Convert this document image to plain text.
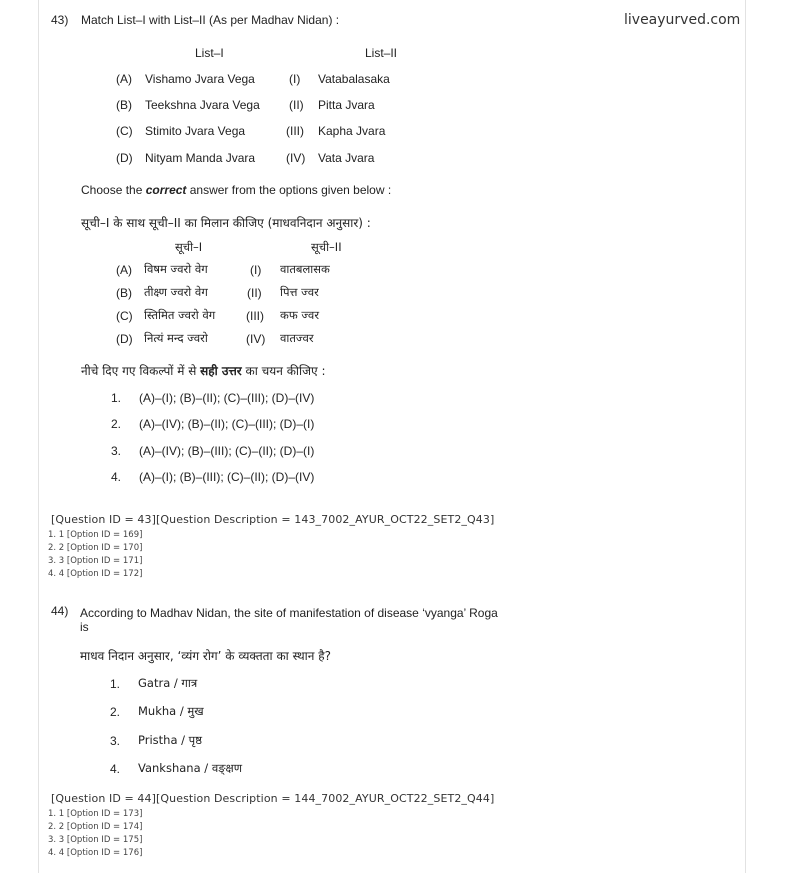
liveayurved.com
43) Match List–I with List–II (As per Madhav Nidan) :
List–I	List–II
(A) Vishamo Jvara Vega	(I) Vatabalasaka
(B) Teekshna Jvara Vega (II) Pitta Jvara
(C) Stimito Jvara Vega	(III) Kapha Jvara
(D) Nityam Manda Jvara	(IV) Vata Jvara
Choose the correct answer from the options given below :
सूची–I के साथ सूची–II का मिलान कीजिए (माधवनिदान अनुसार) :
सूची–I	सूची–II
(A) विषम ज्वरो वेग	(I) वातबलासक
(B) तीक्ष्ण ज्वरो वेग	(II) पित्त ज्वर
(C) स्तिमित ज्वरो वेग	(III) कफ ज्वर
(D) नित्यं मन्द ज्वरो	(IV) वातज्वर
नीचे दिए गए विकल्पों में से सही उत्तर का चयन कीजिए :
1. (A)–(I); (B)–(II); (C)–(III); (D)–(IV)
2. (A)–(IV); (B)–(II); (C)–(III); (D)–(I)
3. (A)–(IV); (B)–(III); (C)–(II); (D)–(I)
4. (A)–(I); (B)–(III); (C)–(II); (D)–(IV)
[Question ID = 43][Question Description = 143_7002_AYUR_OCT22_SET2_Q43]
1. 1 [Option ID = 169]
2. 2 [Option ID = 170]
3. 3 [Option ID = 171]
4. 4 [Option ID = 172]
44) According to Madhav Nidan, the site of manifestation of disease ‘vyanga’ Roga
is
माधव निदान अनुसार, ‘व्यंग रोग’ के व्यक्तता का स्थान है?
1. Gatra / गात्र
2. Mukha / मुख
3. Pristha / पृष्ठ
4. Vankshana / वङ्क्षण
[Question ID = 44][Question Description = 144_7002_AYUR_OCT22_SET2_Q44]
1. 1 [Option ID = 173]
2. 2 [Option ID = 174]
3. 3 [Option ID = 175]
4. 4 [Option ID = 176]
